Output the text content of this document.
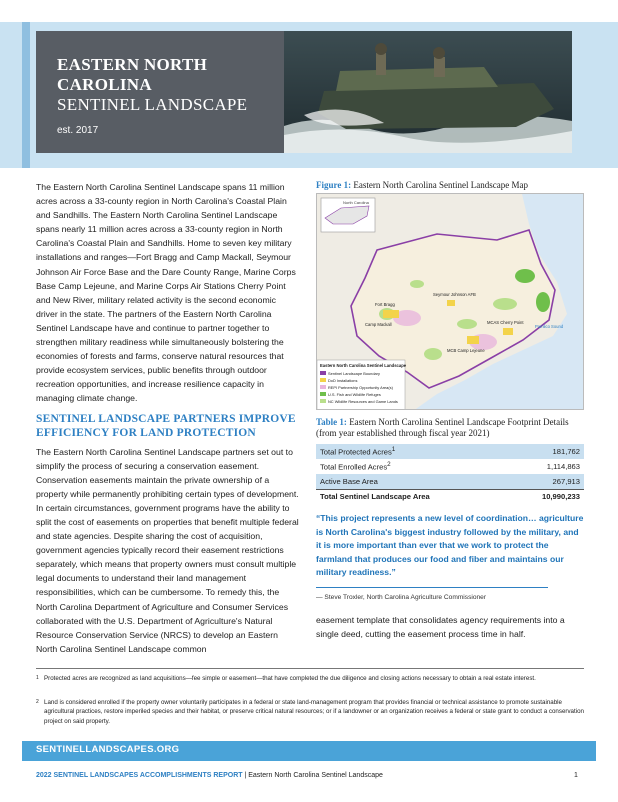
EASTERN NORTH
CAROLINA
SENTINEL LANDSCAPE
est. 2017

The Eastern North Carolina Sentinel Landscape spans 11 million acres across a 33-county region in North Carolina's Coastal Plain and Sandhills. The Eastern North Carolina Sentinel Landscape spans nearly 11 million acres across a 33-county region in North Carolina's Coastal Plain and Sandhills. Home to seven key military installations and ranges—Fort Bragg and Camp Mackall, Seymour Johnson Air Force Base and the Dare County Range, Marine Corps Base Camp Lejeune, and Marine Corps Air Stations Cherry Point and New River, military related activity is the second economic driver in the state. The partners of the Eastern North Carolina Sentinel Landscape have and continue to partner together to strengthen military readiness while simultaneously bolstering the economies of forests and farms, conserve natural resources that provide ecosystem services, public benefits through outdoor recreation opportunities, and increase resilience capacity in managing climate change.

SENTINEL LANDSCAPE PARTNERS IMPROVE EFFICIENCY FOR LAND PROTECTION

The Eastern North Carolina Sentinel Landscape partners set out to simplify the process of securing a conservation easement. Conservation easements maintain the private ownership of a property while permanently prohibiting certain types of development. In certain circumstances, government programs have the ability to split the cost of easements on properties that benefit multiple federal and state agencies. Despite sharing the cost of acquisition, government agencies typically record their easement restrictions separately, which means that property owners must consult multiple legal documents to understand their land management responsibilities, which can be cumbersome. To remedy this, the North Carolina Department of Agriculture and Consumer Services collaborated with the U.S. Department of Agriculture's Natural Resource Conservation Service (NRCS) to develop an Eastern North Carolina Sentinel Landscape common

Figure 1: Eastern North Carolina Sentinel Landscape Map
North Carolina
Fort Bragg
Camp Mackall
Seymour Johnson AFB
MCAS Cherry Point
MCB Camp Lejeune
Pamlico Sound
Eastern North Carolina Sentinel Landscape
Sentinel Landscape Boundary
DoD Installations
REPI Partnership Opportunity Area(s)
U.S. Fish and Wildlife Refuges
NC Wildlife Resources and Game Lands
Table 1: Eastern North Carolina Sentinel Landscape Footprint Details (from year established through fiscal year 2021)
Total Protected Acres$^1$	181,762
Total Enrolled Acres$^2$	1,114,863
Active Base Area	267,913
Total Sentinel Landscape Area	10,990,233
“This project represents a new level of coordination… agriculture is North Carolina's biggest industry followed by the military, and it is more important than ever that we work to protect the farmland that produces our food and fiber and maintains our military readiness.”
— Steve Troxler, North Carolina Agriculture Commissioner

easement template that consolidates agency requirements into a single deed, cutting the easement process time in half.

1 Protected acres are recognized as land acquisitions—fee simple or easement—that have completed the due diligence and closing actions necessary to obtain a real estate interest.
2 Land is considered enrolled if the property owner voluntarily participates in a federal or state land-management program that provides financial or technical assistance to promote sustainable agricultural practices, restore imperiled species and their habitat, or preserve critical natural resources; or if a landowner or an organization receives a federal or state grant to conduct a conservation project on said property.
SENTINELLANDSCAPES.ORG
2022 SENTINEL LANDSCAPES ACCOMPLISHMENTS REPORT | Eastern North Carolina Sentinel Landscape	1
